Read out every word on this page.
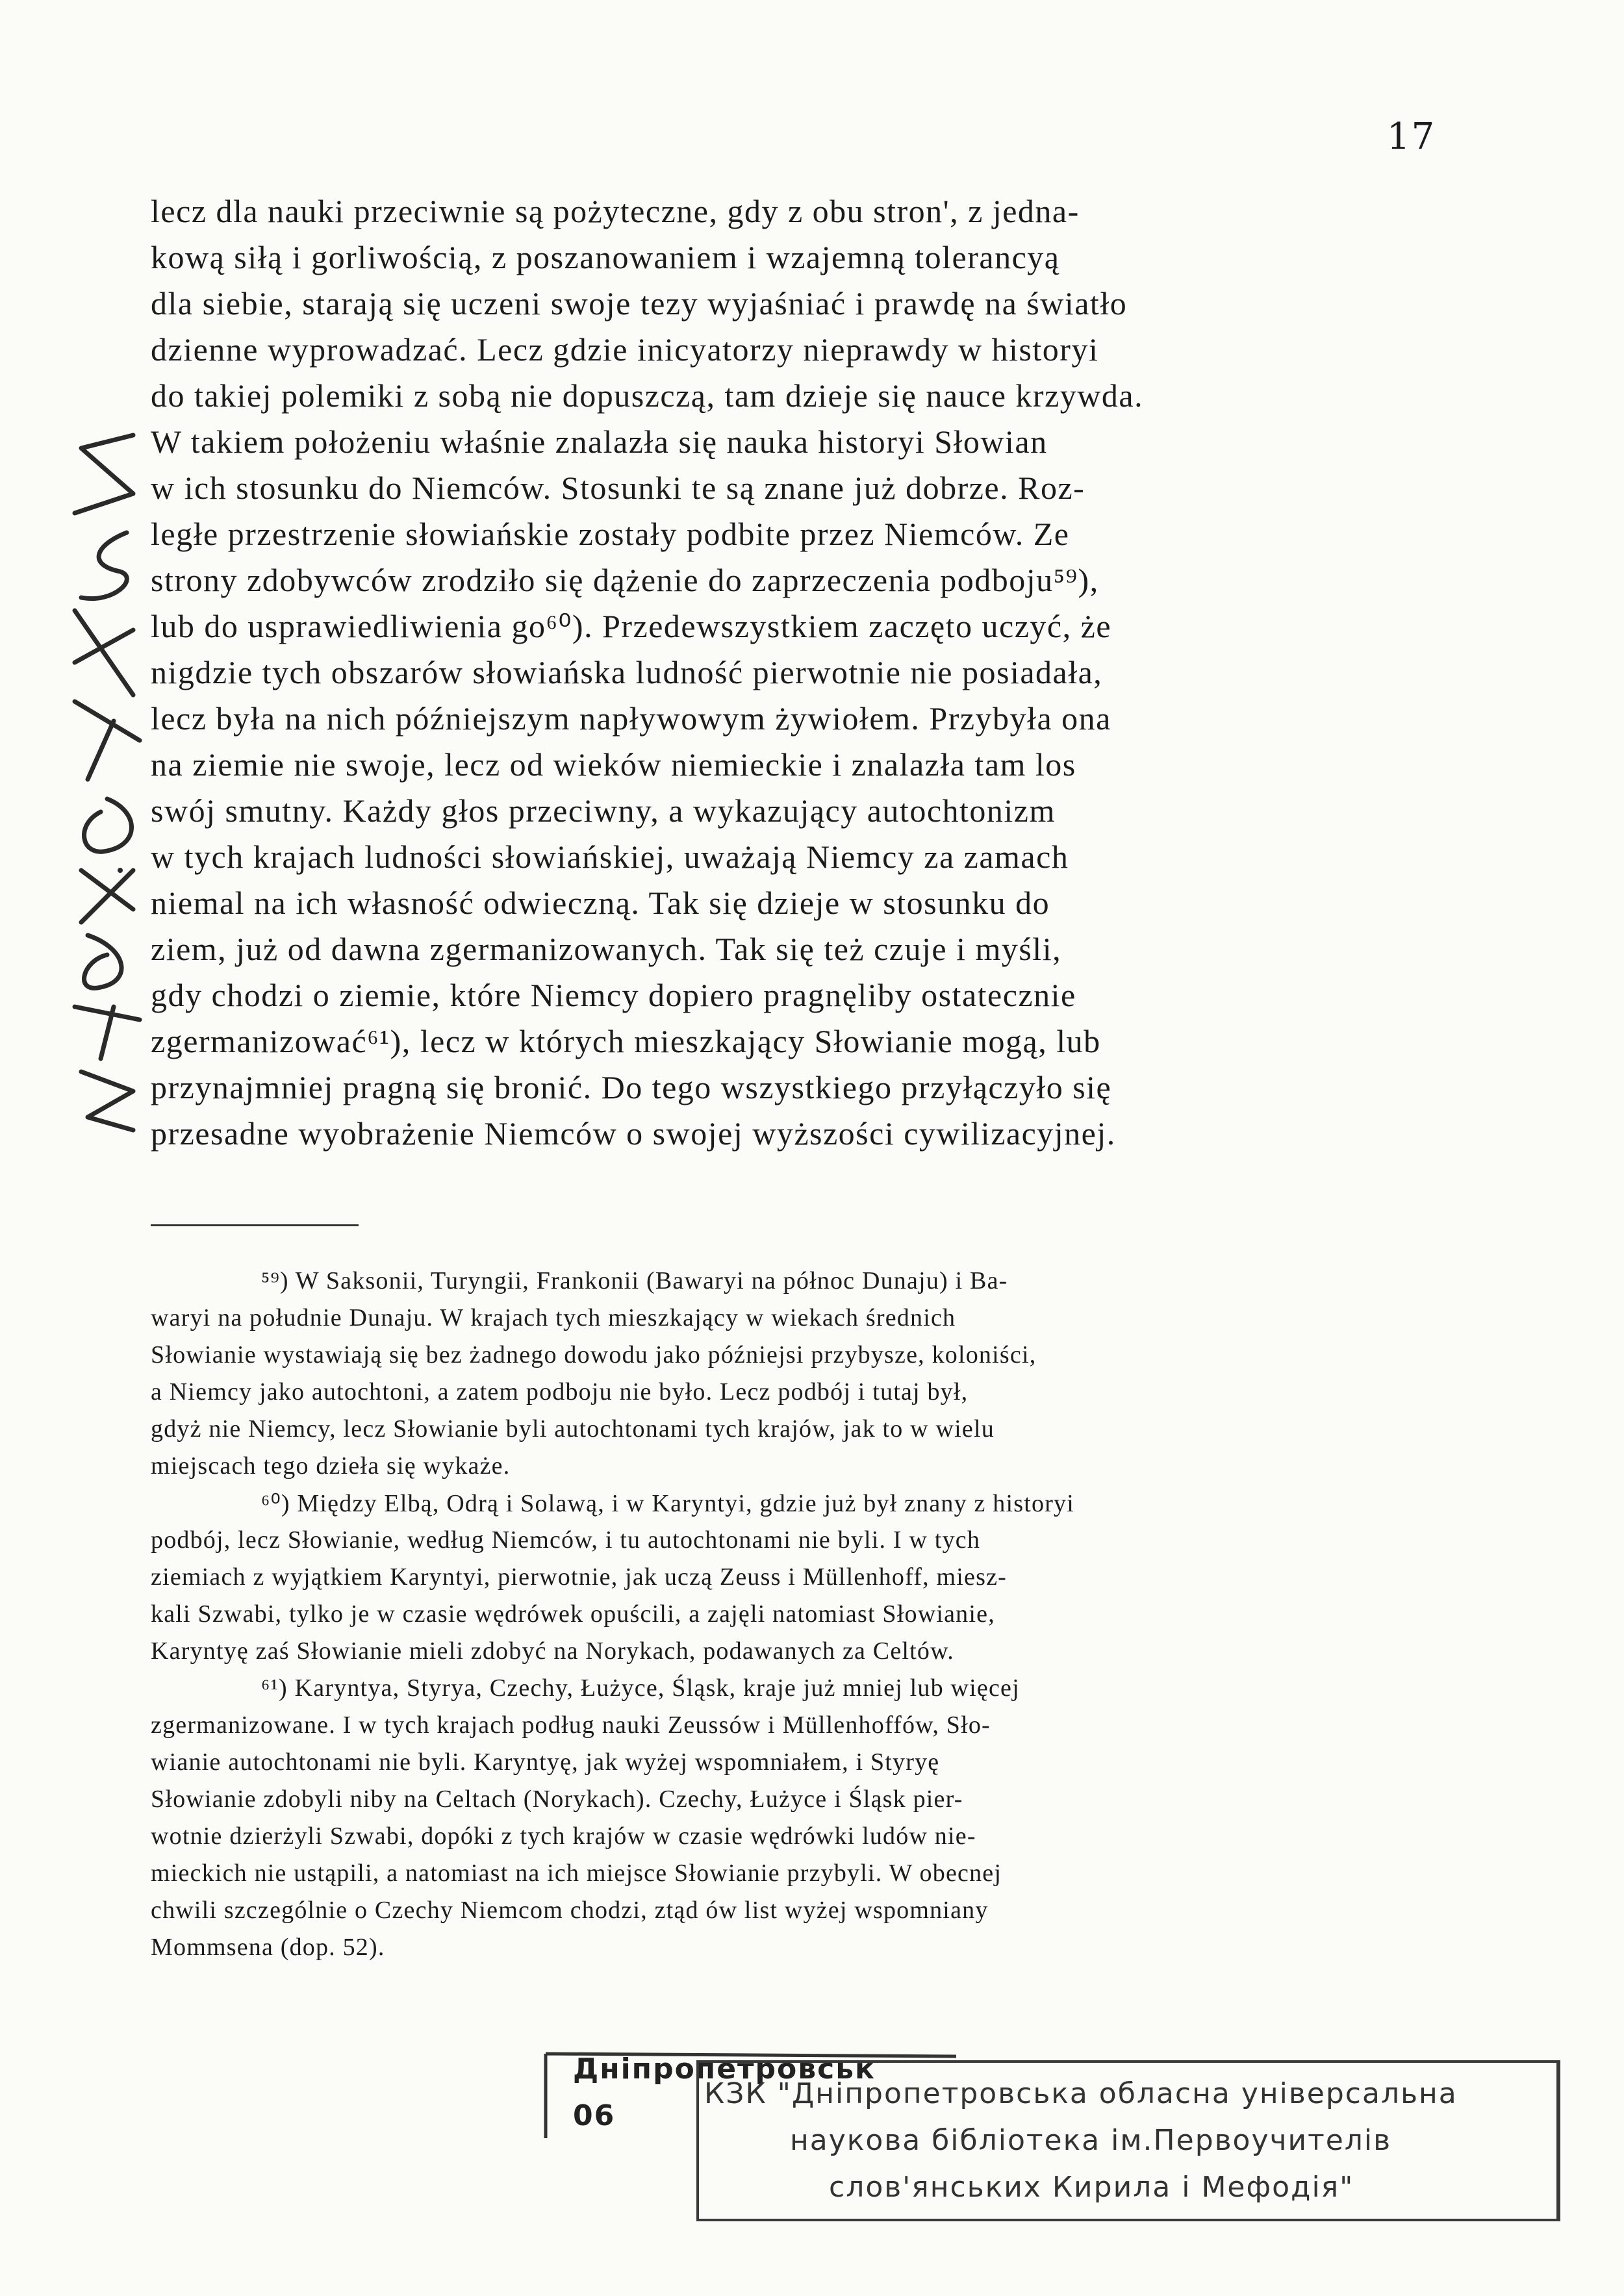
17
lecz dla nauki przeciwnie są pożyteczne, gdy z obu stron', z jedna-
kową siłą i gorliwością, z poszanowaniem i wzajemną tolerancyą
dla siebie, starają się uczeni swoje tezy wyjaśniać i prawdę na światło
dzienne wyprowadzać. Lecz gdzie inicyatorzy nieprawdy w historyi
do takiej polemiki z sobą nie dopuszczą, tam dzieje się nauce krzywda.
W takiem położeniu właśnie znalazła się nauka historyi Słowian
w ich stosunku do Niemców. Stosunki te są znane już dobrze. Roz-
ległe przestrzenie słowiańskie zostały podbite przez Niemców. Ze
strony zdobywców zrodziło się dążenie do zaprzeczenia podboju⁵⁹),
lub do usprawiedliwienia go⁶⁰). Przedewszystkiem zaczęto uczyć, że
nigdzie tych obszarów słowiańska ludność pierwotnie nie posiadała,
lecz była na nich późniejszym napływowym żywiołem. Przybyła ona
na ziemie nie swoje, lecz od wieków niemieckie i znalazła tam los
swój smutny. Każdy głos przeciwny, a wykazujący autochtonizm
w tych krajach ludności słowiańskiej, uważają Niemcy za zamach
niemal na ich własność odwieczną. Tak się dzieje w stosunku do
ziem, już od dawna zgermanizowanych. Tak się też czuje i myśli,
gdy chodzi o ziemie, które Niemcy dopiero pragnęliby ostatecznie
zgermanizować⁶¹), lecz w których mieszkający Słowianie mogą, lub
przynajmniej pragną się bronić. Do tego wszystkiego przyłączyło się
przesadne wyobrażenie Niemców o swojej wyższości cywilizacyjnej.
⁵⁹) W Saksonii, Turyngii, Frankonii (Bawaryi na północ Dunaju) i Ba-
waryi na południe Dunaju. W krajach tych mieszkający w wiekach średnich
Słowianie wystawiają się bez żadnego dowodu jako późniejsi przybysze, koloniści,
a Niemcy jako autochtoni, a zatem podboju nie było. Lecz podbój i tutaj był,
gdyż nie Niemcy, lecz Słowianie byli autochtonami tych krajów, jak to w wielu
miejscach tego dzieła się wykaże.
⁶⁰) Między Elbą, Odrą i Solawą, i w Karyntyi, gdzie już był znany z historyi
podbój, lecz Słowianie, według Niemców, i tu autochtonami nie byli. I w tych
ziemiach z wyjątkiem Karyntyi, pierwotnie, jak uczą Zeuss i Müllenhoff, miesz-
kali Szwabi, tylko je w czasie wędrówek opuścili, a zajęli natomiast Słowianie,
Karyntyę zaś Słowianie mieli zdobyć na Norykach, podawanych za Celtów.
⁶¹) Karyntya, Styrya, Czechy, Łużyce, Śląsk, kraje już mniej lub więcej
zgermanizowane. I w tych krajach podług nauki Zeussów i Müllenhoffów, Sło-
wianie autochtonami nie byli. Karyntyę, jak wyżej wspomniałem, i Styryę
Słowianie zdobyli niby na Celtach (Norykach). Czechy, Łużyce i Śląsk pier-
wotnie dzierżyli Szwabi, dopóki z tych krajów w czasie wędrówki ludów nie-
mieckich nie ustąpili, a natomiast na ich miejsce Słowianie przybyli. W obecnej
chwili szczególnie o Czechy Niemcom chodzi, ztąd ów list wyżej wspomniany
Mommsena (dop. 52).
Днiпропетровськ
06
КЗК "Дніпропетровська обласна універсальна
наукова бібліотека ім.Первоучителів
слов'янських Кирила і Мефодія"
